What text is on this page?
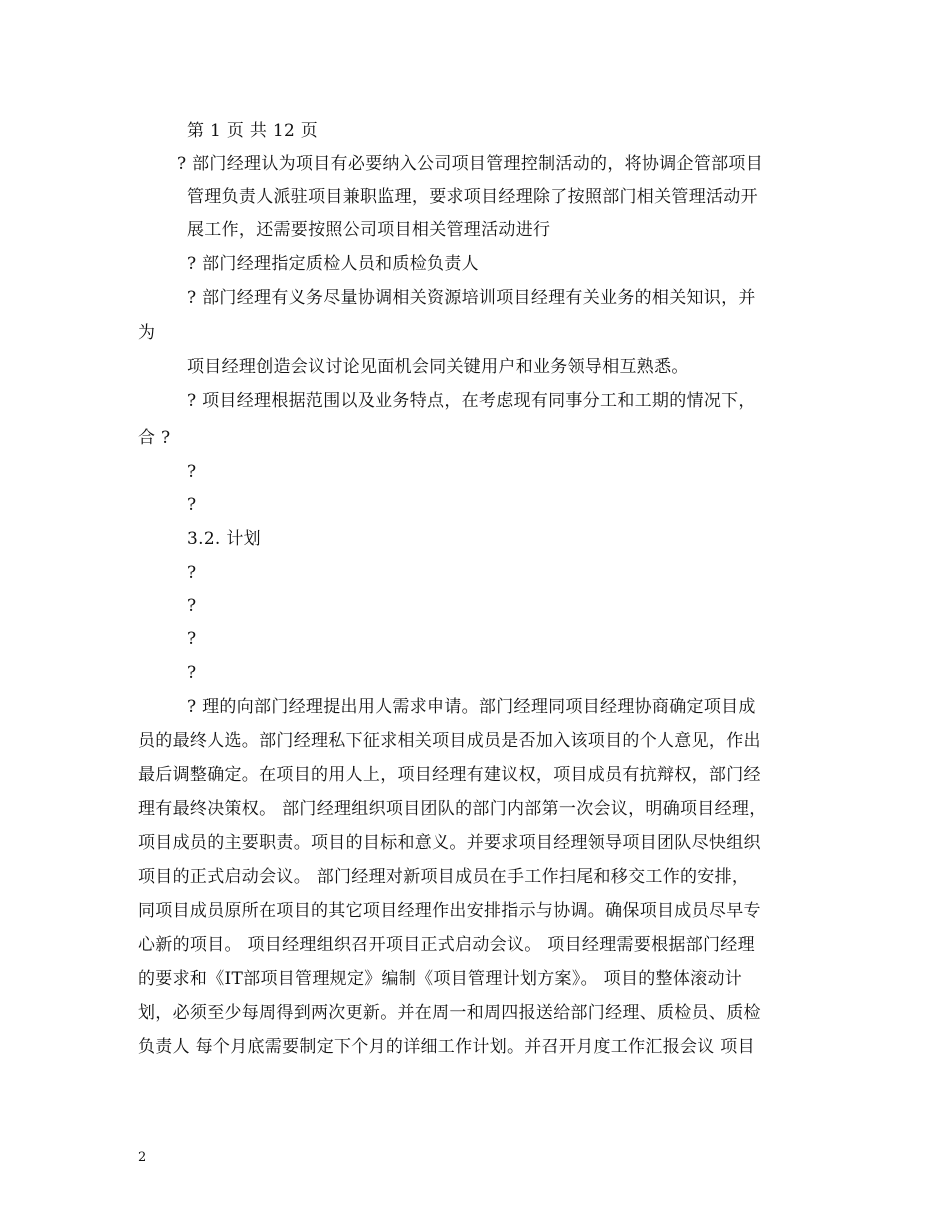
第 1 页 共 12 页
? 部门经理认为项目有必要纳入公司项目管理控制活动的，将协调企管部项目
管理负责人派驻项目兼职监理，要求项目经理除了按照部门相关管理活动开
展工作，还需要按照公司项目相关管理活动进行
? 部门经理指定质检人员和质检负责人
? 部门经理有义务尽量协调相关资源培训项目经理有关业务的相关知识，并
为
项目经理创造会议讨论见面机会同关键用户和业务领导相互熟悉。
? 项目经理根据范围以及业务特点，在考虑现有同事分工和工期的情况下，
合 ?
?
?
3.2. 计划
?
?
?
?
? 理的向部门经理提出用人需求申请。部门经理同项目经理协商确定项目成
员的最终人选。部门经理私下征求相关项目成员是否加入该项目的个人意见，作出
最后调整确定。在项目的用人上，项目经理有建议权，项目成员有抗辩权，部门经
理有最终决策权。 部门经理组织项目团队的部门内部第一次会议，明确项目经理，
项目成员的主要职责。项目的目标和意义。并要求项目经理领导项目团队尽快组织
项目的正式启动会议。 部门经理对新项目成员在手工作扫尾和移交工作的安排，
同项目成员原所在项目的其它项目经理作出安排指示与协调。确保项目成员尽早专
心新的项目。 项目经理组织召开项目正式启动会议。 项目经理需要根据部门经理
的要求和《IT部项目管理规定》编制《项目管理计划方案》。 项目的整体滚动计
划，必须至少每周得到两次更新。并在周一和周四报送给部门经理、质检员、质检
负责人 每个月底需要制定下个月的详细工作计划。并召开月度工作汇报会议 项目
2
